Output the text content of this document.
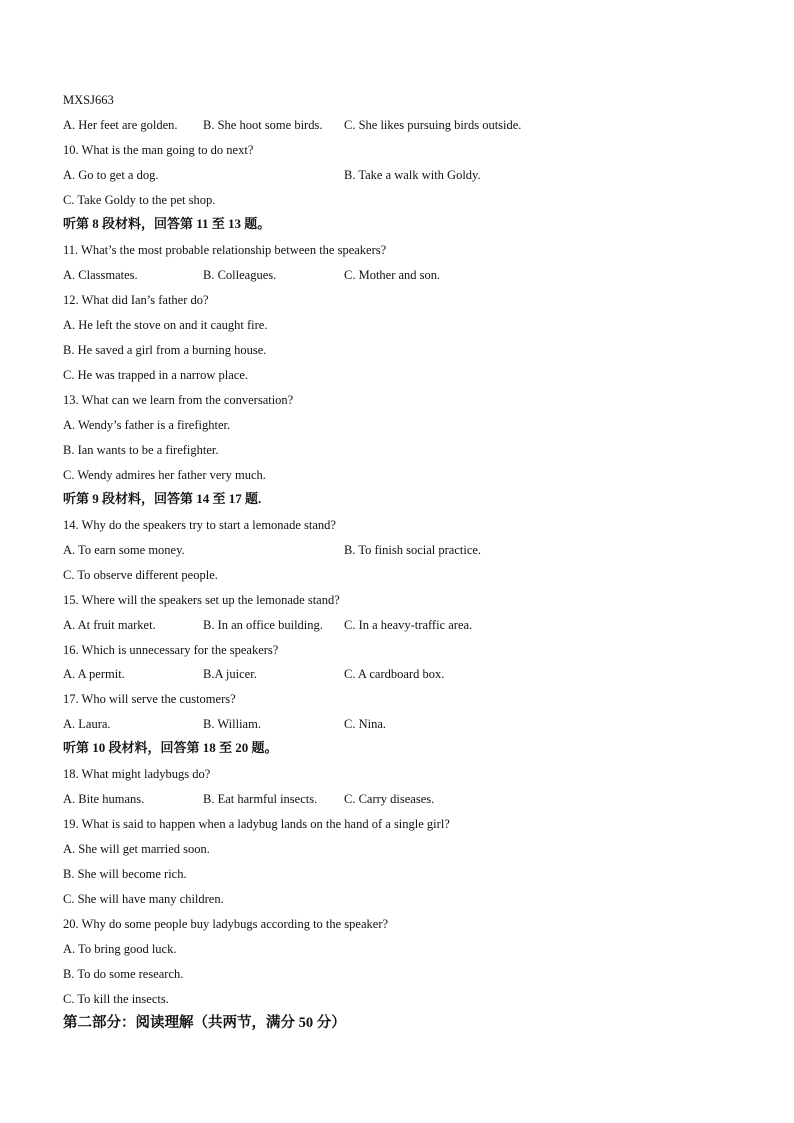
MXSJ663
A. Her feet are golden. B. She hoot some birds. C. She likes pursuing birds outside.
10. What is the man going to do next?
A. Go to get a dog.	B. Take a walk with Goldy.
C. Take Goldy to the pet shop.
听第 8 段材料，回答第 11 至 13 题。
11. What’s the most probable relationship between the speakers?
A. Classmates.	B. Colleagues.	C. Mother and son.
12. What did Ian’s father do?
A. He left the stove on and it caught fire.
B. He saved a girl from a burning house.
C. He was trapped in a narrow place.
13. What can we learn from the conversation?
A. Wendy’s father is a firefighter.
B. Ian wants to be a firefighter.
C. Wendy admires her father very much.
听第 9 段材料，回答第 14 至 17 题.
14. Why do the speakers try to start a lemonade stand?
A. To earn some money.	B. To finish social practice.
C. To observe different people.
15. Where will the speakers set up the lemonade stand?
A. At fruit market.	B. In an office building. C. In a heavy-traffic area.
16. Which is unnecessary for the speakers?
A. A permit.	B.A juicer.	C. A cardboard box.
17. Who will serve the customers?
A. Laura.	B. William.	C. Nina.
听第 10 段材料，回答第 18 至 20 题。
18. What might ladybugs do?
A. Bite humans.	B. Eat harmful insects. C. Carry diseases.
19. What is said to happen when a ladybug lands on the hand of a single girl?
A. She will get married soon.
B. She will become rich.
C. She will have many children.
20. Why do some people buy ladybugs according to the speaker?
A. To bring good luck.
B. To do some research.
C. To kill the insects.
第二部分：阅读理解（共两节，满分 50 分）
